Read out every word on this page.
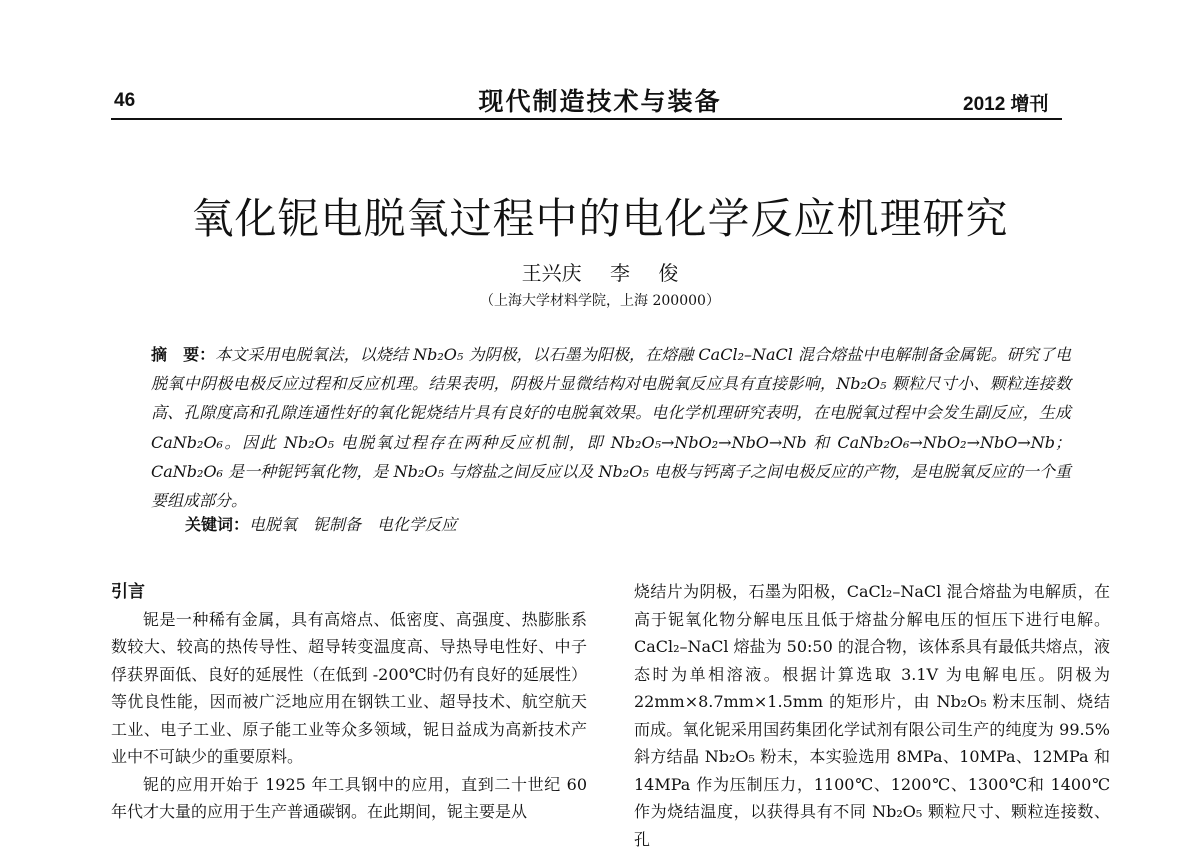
46	现代制造技术与装备	2012 增刊
氧化铌电脱氧过程中的电化学反应机理研究
王兴庆 李 俊
（上海大学材料学院，上海 200000）
摘　要：本文采用电脱氧法，以烧结 Nb₂O₅ 为阴极，以石墨为阳极，在熔融 CaCl₂–NaCl 混合熔盐中电解制备金属铌。研究了电脱氧中阴极电极反应过程和反应机理。结果表明，阴极片显微结构对电脱氧反应具有直接影响，Nb₂O₅ 颗粒尺寸小、颗粒连接数高、孔隙度高和孔隙连通性好的氧化铌烧结片具有良好的电脱氧效果。电化学机理研究表明，在电脱氧过程中会发生副反应，生成 CaNb₂O₆。因此 Nb₂O₅ 电脱氧过程存在两种反应机制，即 Nb₂O₅→NbO₂→NbO→Nb 和 CaNb₂O₆→NbO₂→NbO→Nb；CaNb₂O₆ 是一种铌钙氧化物，是 Nb₂O₅ 与熔盐之间反应以及 Nb₂O₅ 电极与钙离子之间电极反应的产物，是电脱氧反应的一个重要组成部分。
关键词：电脱氧　铌制备　电化学反应
引言

铌是一种稀有金属，具有高熔点、低密度、高强度、热膨胀系数较大、较高的热传导性、超导转变温度高、导热导电性好、中子俘获界面低、良好的延展性（在低到 -200℃时仍有良好的延展性）等优良性能，因而被广泛地应用在钢铁工业、超导技术、航空航天工业、电子工业、原子能工业等众多领域，铌日益成为高新技术产业中不可缺少的重要原料。

铌的应用开始于 1925 年工具钢中的应用，直到二十世纪 60 年代才大量的应用于生产普通碳钢。在此期间，铌主要是从

烧结片为阴极，石墨为阳极，CaCl₂–NaCl 混合熔盐为电解质，在高于铌氧化物分解电压且低于熔盐分解电压的恒压下进行电解。CaCl₂–NaCl 熔盐为 50:50 的混合物，该体系具有最低共熔点，液态时为单相溶液。根据计算选取 3.1V 为电解电压。阴极为 22mm×8.7mm×1.5mm 的矩形片，由 Nb₂O₅ 粉末压制、烧结而成。氧化铌采用国药集团化学试剂有限公司生产的纯度为 99.5%斜方结晶 Nb₂O₅ 粉末，本实验选用 8MPa、10MPa、12MPa 和 14MPa 作为压制压力，1100℃、1200℃、1300℃和 1400℃作为烧结温度，以获得具有不同 Nb₂O₅ 颗粒尺寸、颗粒连接数、孔
